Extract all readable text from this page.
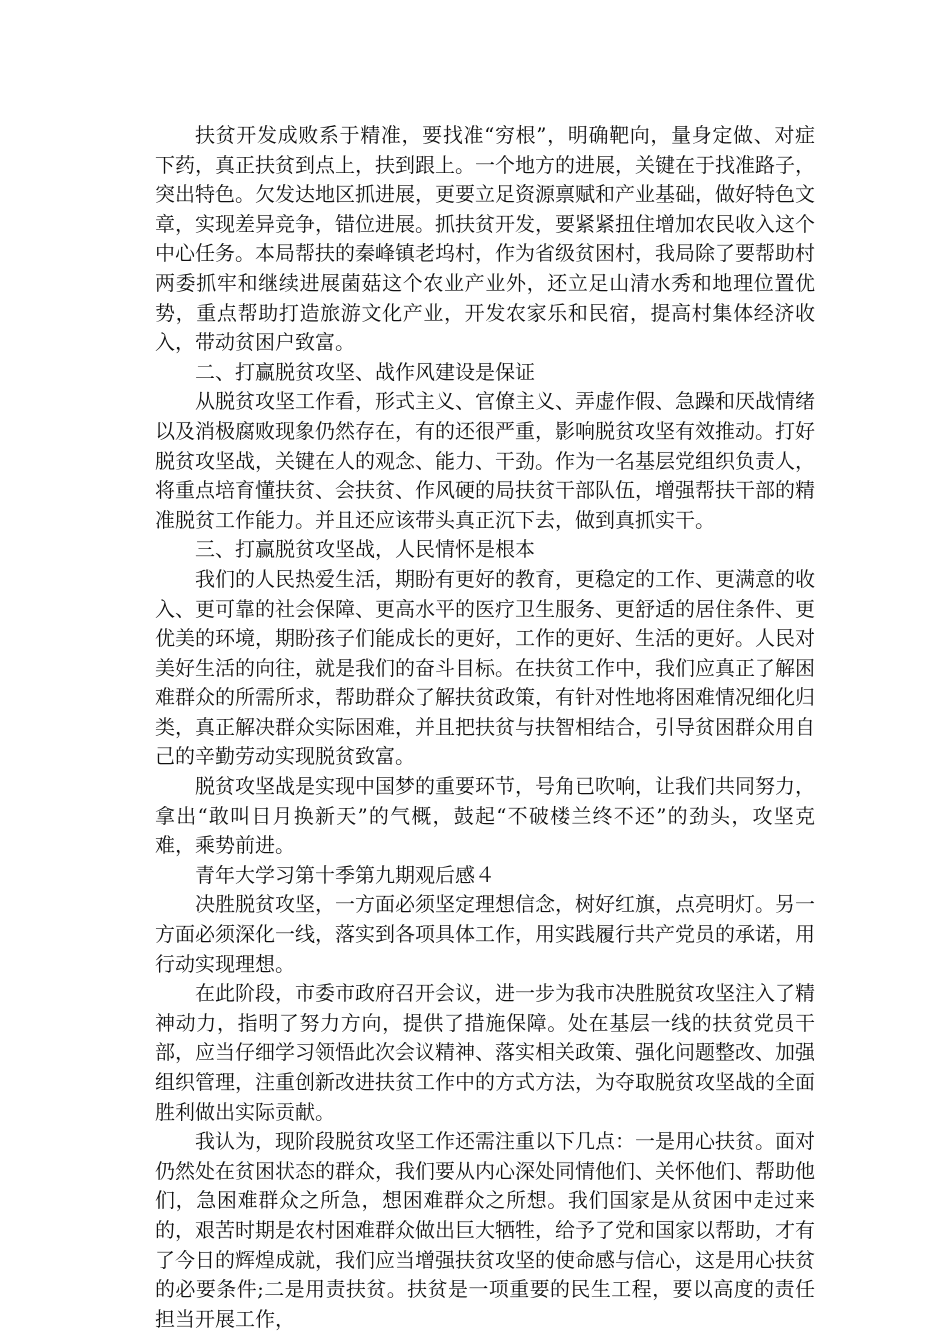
扶贫开发成败系于精准，要找准“穷根”，明确靶向，量身定做、对症下药，真正扶贫到点上，扶到跟上。一个地方的进展，关键在于找准路子，突出特色。欠发达地区抓进展，更要立足资源禀赋和产业基础，做好特色文章，实现差异竞争，错位进展。抓扶贫开发，要紧紧扭住增加农民收入这个中心任务。本局帮扶的秦峰镇老坞村，作为省级贫困村，我局除了要帮助村两委抓牢和继续进展菌菇这个农业产业外，还立足山清水秀和地理位置优势，重点帮助打造旅游文化产业，开发农家乐和民宿，提高村集体经济收入，带动贫困户致富。

二、打赢脱贫攻坚、战作风建设是保证

从脱贫攻坚工作看，形式主义、官僚主义、弄虚作假、急躁和厌战情绪以及消极腐败现象仍然存在，有的还很严重，影响脱贫攻坚有效推动。打好脱贫攻坚战，关键在人的观念、能力、干劲。作为一名基层党组织负责人，将重点培育懂扶贫、会扶贫、作风硬的局扶贫干部队伍，增强帮扶干部的精准脱贫工作能力。并且还应该带头真正沉下去，做到真抓实干。

三、打赢脱贫攻坚战，人民情怀是根本

我们的人民热爱生活，期盼有更好的教育，更稳定的工作、更满意的收入、更可靠的社会保障、更高水平的医疗卫生服务、更舒适的居住条件、更优美的环境，期盼孩子们能成长的更好，工作的更好、生活的更好。人民对美好生活的向往，就是我们的奋斗目标。在扶贫工作中，我们应真正了解困难群众的所需所求，帮助群众了解扶贫政策，有针对性地将困难情况细化归类，真正解决群众实际困难，并且把扶贫与扶智相结合，引导贫困群众用自己的辛勤劳动实现脱贫致富。

脱贫攻坚战是实现中国梦的重要环节，号角已吹响，让我们共同努力，拿出“敢叫日月换新天”的气概，鼓起“不破楼兰终不还”的劲头，攻坚克难，乘势前进。

青年大学习第十季第九期观后感４

决胜脱贫攻坚，一方面必须坚定理想信念，树好红旗，点亮明灯。另一方面必须深化一线，落实到各项具体工作，用实践履行共产党员的承诺，用行动实现理想。

在此阶段，市委市政府召开会议，进一步为我市决胜脱贫攻坚注入了精神动力，指明了努力方向，提供了措施保障。处在基层一线的扶贫党员干部，应当仔细学习领悟此次会议精神、落实相关政策、强化问题整改、加强组织管理，注重创新改进扶贫工作中的方式方法，为夺取脱贫攻坚战的全面胜利做出实际贡献。

我认为，现阶段脱贫攻坚工作还需注重以下几点：一是用心扶贫。面对仍然处在贫困状态的群众，我们要从内心深处同情他们、关怀他们、帮助他们，急困难群众之所急，想困难群众之所想。我们国家是从贫困中走过来的，艰苦时期是农村困难群众做出巨大牺牲，给予了党和国家以帮助，才有了今日的辉煌成就，我们应当增强扶贫攻坚的使命感与信心，这是用心扶贫的必要条件;二是用责扶贫。扶贫是一项重要的民生工程，要以高度的责任担当开展工作，
